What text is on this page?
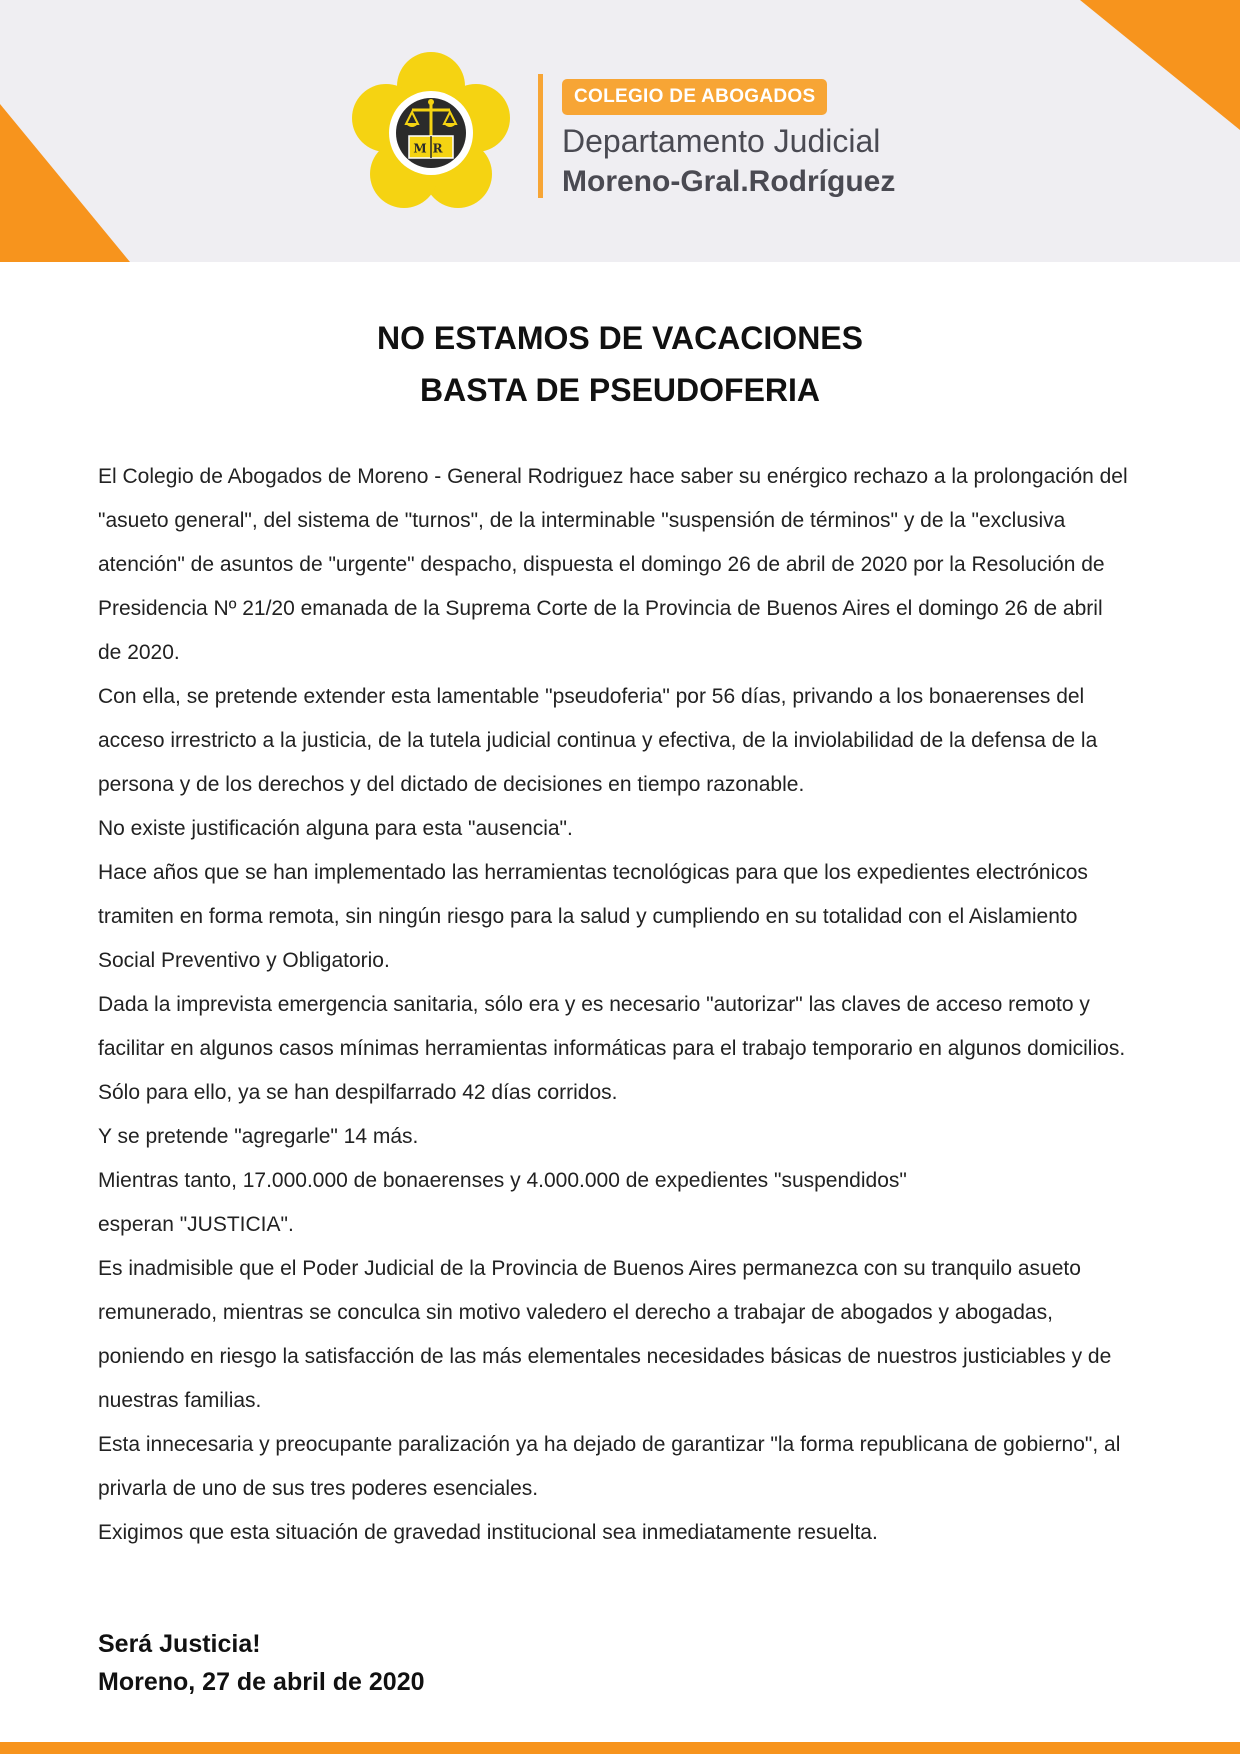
MR
COLEGIO DE ABOGADOS
Departamento Judicial
Moreno-Gral.Rodríguez
NO ESTAMOS DE VACACIONES
BASTA DE PSEUDOFERIA

El Colegio de Abogados de Moreno - General Rodriguez hace saber su enérgico rechazo a la prolongación del "asueto general", del sistema de "turnos", de la interminable "suspensión de términos" y de la "exclusiva atención" de asuntos de "urgente" despacho, dispuesta el domingo 26 de abril de 2020 por la Resolución de Presidencia Nº 21/20 emanada de la Suprema Corte de la Provincia de Buenos Aires el domingo 26 de abril de 2020.

Con ella, se pretende extender esta lamentable "pseudoferia" por 56 días, privando a los bonaerenses del acceso irrestricto a la justicia, de la tutela judicial continua y efectiva, de la inviolabilidad de la defensa de la persona y de los derechos y del dictado de decisiones en tiempo razonable.

No existe justificación alguna para esta "ausencia".

Hace años que se han implementado las herramientas tecnológicas para que los expedientes electrónicos tramiten en forma remota, sin ningún riesgo para la salud y cumpliendo en su totalidad con el Aislamiento Social Preventivo y Obligatorio.

Dada la imprevista emergencia sanitaria, sólo era y es necesario "autorizar" las claves de acceso remoto y facilitar en algunos casos mínimas herramientas informáticas para el trabajo temporario en algunos domicilios.

Sólo para ello, ya se han despilfarrado 42 días corridos.

Y se pretende "agregarle" 14 más.

Mientras tanto, 17.000.000 de bonaerenses y 4.000.000 de expedientes "suspendidos"

esperan "JUSTICIA".

Es inadmisible que el Poder Judicial de la Provincia de Buenos Aires permanezca con su tranquilo asueto remunerado, mientras se conculca sin motivo valedero el derecho a trabajar de abogados y abogadas, poniendo en riesgo la satisfacción de las más elementales necesidades básicas de nuestros justiciables y de nuestras familias.

Esta innecesaria y preocupante paralización ya ha dejado de garantizar "la forma republicana de gobierno", al privarla de uno de sus tres poderes esenciales.

Exigimos que esta situación de gravedad institucional sea inmediatamente resuelta.

Será Justicia!
Moreno, 27 de abril de 2020
